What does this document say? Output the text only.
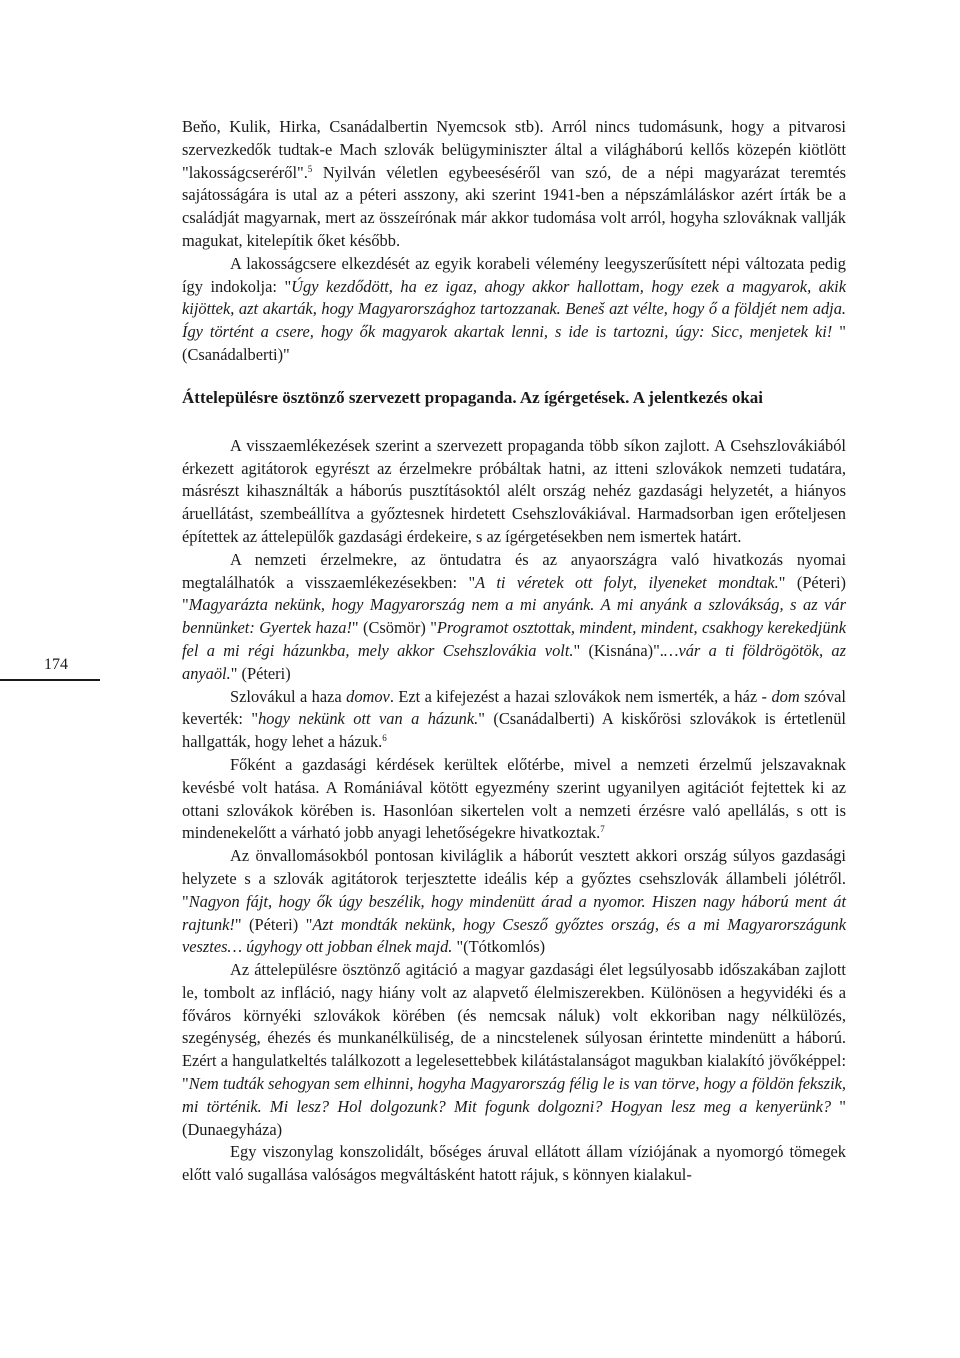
174

Beňo, Kulik, Hirka, Csanádalbertin Nyemcsok stb). Arról nincs tudomásunk, hogy a pitvarosi szervezkedők tudtak-e Mach szlovák belügyminiszter által a világháború kellős közepén kiötlött "lakosságcseréről".$^5$ Nyilván véletlen egybeeséséről van szó, de a népi magyarázat teremtés sajátosságára is utal az a péteri asszony, aki szerint 1941-ben a népszámláláskor azért írták be a családját magyarnak, mert az összeírónak már akkor tudomása volt arról, hogyha szlováknak vallják magukat, kitelepítik őket később.

A lakosságcsere elkezdését az egyik korabeli vélemény leegyszerűsített népi változata pedig így indokolja: "Úgy kezdődött, ha ez igaz, ahogy akkor hallottam, hogy ezek a magyarok, akik kijöttek, azt akarták, hogy Magyarországhoz tartozzanak. Beneš azt vélte, hogy ő a földjét nem adja. Így történt a csere, hogy ők magyarok akartak lenni, s ide is tartozni, úgy: Sicc, menjetek ki! " (Csanádalberti)"

Áttelepülésre ösztönző szervezett propaganda. Az ígérgetések. A jelentkezés okai

A visszaemlékezések szerint a szervezett propaganda több síkon zajlott. A Csehszlovákiából érkezett agitátorok egyrészt az érzelmekre próbáltak hatni, az itteni szlovákok nemzeti tudatára, másrészt kihasználták a háborús pusztításoktól alélt ország nehéz gazdasági helyzetét, a hiányos áruellátást, szembeállítva a győztesnek hirdetett Csehszlovákiával. Harmadsorban igen erőteljesen építettek az áttelepülők gazdasági érdekeire, s az ígérgetésekben nem ismertek határt.

A nemzeti érzelmekre, az öntudatra és az anyaországra való hivatkozás nyomai megtalálhatók a visszaemlékezésekben: "A ti véretek ott folyt, ilyeneket mondtak." (Péteri) "Magyarázta nekünk, hogy Magyarország nem a mi anyánk. A mi anyánk a szlovákság, s az vár bennünket: Gyertek haza!" (Csömör) "Programot osztottak, mindent, mindent, csakhogy kerekedjünk fel a mi régi házunkba, mely akkor Csehszlovákia volt." (Kisnána)".…vár a ti földrögötök, az anyaöl." (Péteri)

Szlovákul a haza domov. Ezt a kifejezést a hazai szlovákok nem ismerték, a ház - dom szóval keverték: "hogy nekünk ott van a házunk." (Csanádalberti) A kiskőrösi szlovákok is értetlenül hallgatták, hogy lehet a házuk.$^6$

Főként a gazdasági kérdések kerültek előtérbe, mivel a nemzeti érzelmű jelszavaknak kevésbé volt hatása. A Romániával kötött egyezmény szerint ugyanilyen agitációt fejtettek ki az ottani szlovákok körében is. Hasonlóan sikertelen volt a nemzeti érzésre való apellálás, s ott is mindenekelőtt a várható jobb anyagi lehetőségekre hivatkoztak.$^7$

Az önvallomásokból pontosan kiviláglik a háborút vesztett akkori ország súlyos gazdasági helyzete s a szlovák agitátorok terjesztette ideális kép a győztes csehszlovák állambeli jólétről. "Nagyon fájt, hogy ők úgy beszélik, hogy mindenütt árad a nyomor. Hiszen nagy háború ment át rajtunk!" (Péteri) "Azt mondták nekünk, hogy Csesző győztes ország, és a mi Magyarországunk vesztes… úgyhogy ott jobban élnek majd. "(Tótkomlós)

Az áttelepülésre ösztönző agitáció a magyar gazdasági élet legsúlyosabb időszakában zajlott le, tombolt az infláció, nagy hiány volt az alapvető élelmiszerekben. Különösen a hegyvidéki és a főváros környéki szlovákok körében (és nemcsak náluk) volt ekkoriban nagy nélkülözés, szegénység, éhezés és munkanélküliség, de a nincstelenek súlyosan érintette mindenütt a háború. Ezért a hangulatkeltés találkozott a legelesettebbek kilátástalanságot magukban kialakító jövőképpel: "Nem tudták sehogyan sem elhinni, hogyha Magyarország félig le is van törve, hogy a földön fekszik, mi történik. Mi lesz? Hol dolgozunk? Mit fogunk dolgozni? Hogyan lesz meg a kenyerünk? " (Dunaegyháza)

Egy viszonylag konszolidált, bőséges áruval ellátott állam víziójának a nyomorgó tömegek előtt való sugallása valóságos megváltásként hatott rájuk, s könnyen kialakul-
